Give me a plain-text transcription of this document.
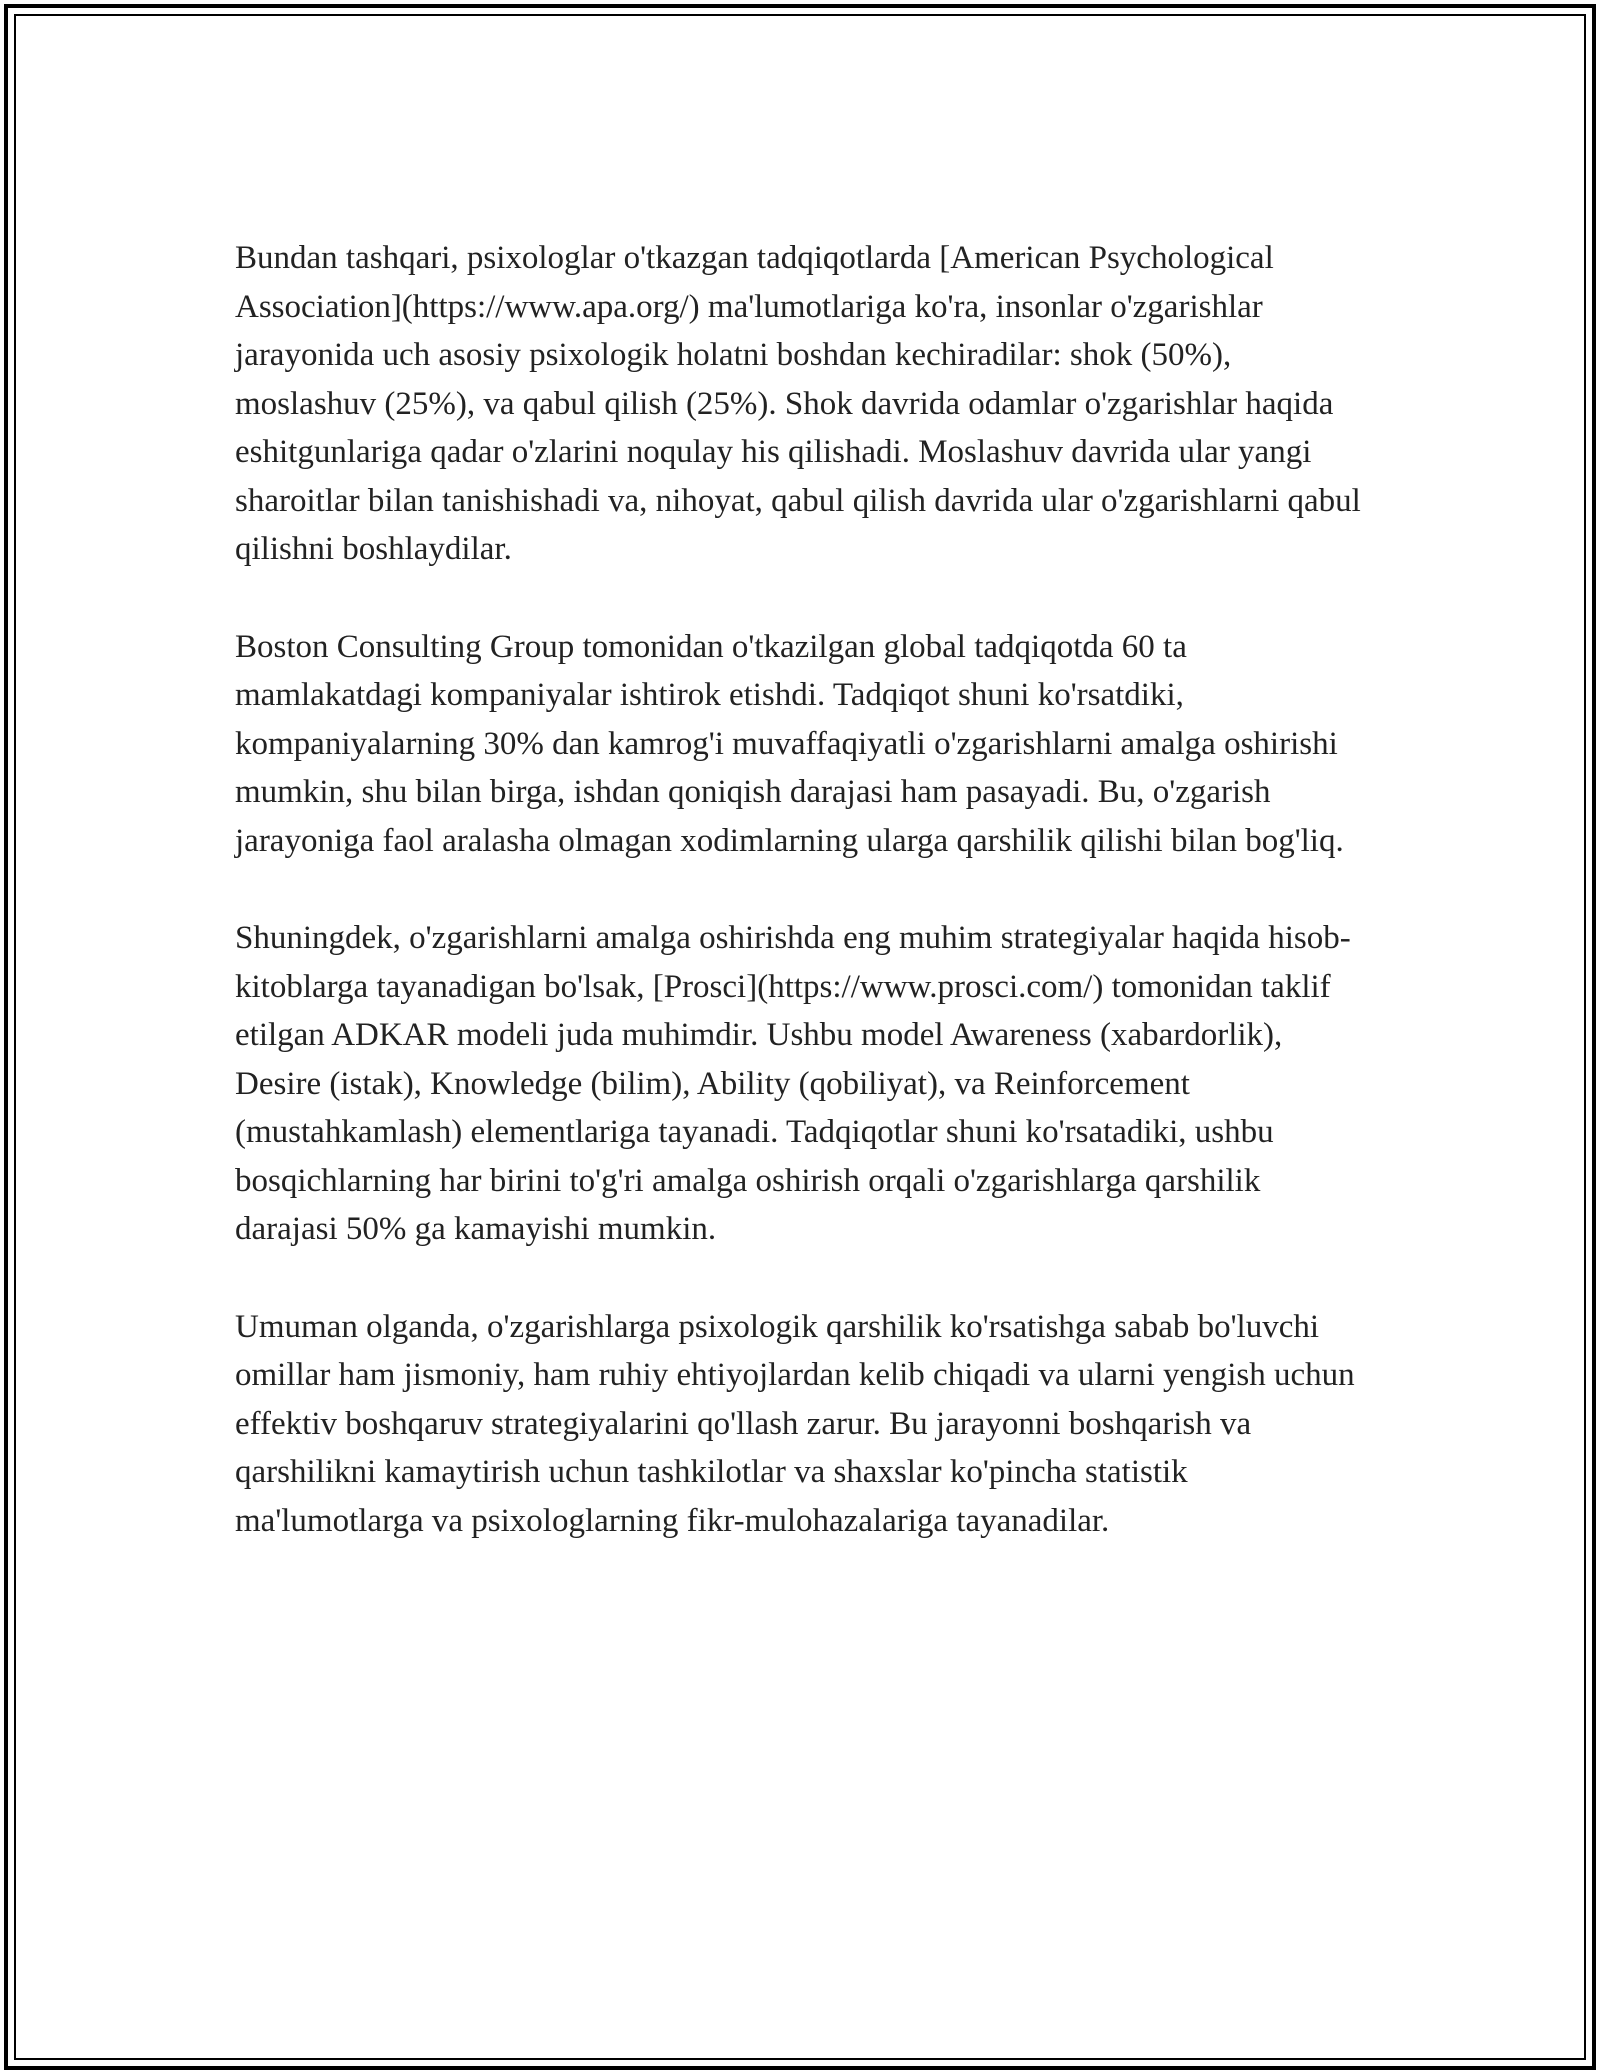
Bundan tashqari, psixologlar o'tkazgan tadqiqotlarda [American Psychological Association](https://www.apa.org/) ma'lumotlariga ko'ra, insonlar o'zgarishlar jarayonida uch asosiy psixologik holatni boshdan kechiradilar: shok (50%), moslashuv (25%), va qabul qilish (25%). Shok davrida odamlar o'zgarishlar haqida eshitgunlariga qadar o'zlarini noqulay his qilishadi. Moslashuv davrida ular yangi sharoitlar bilan tanishishadi va, nihoyat, qabul qilish davrida ular o'zgarishlarni qabul qilishni boshlaydilar.

Boston Consulting Group tomonidan o'tkazilgan global tadqiqotda 60 ta mamlakatdagi kompaniyalar ishtirok etishdi. Tadqiqot shuni ko'rsatdiki, kompaniyalarning 30% dan kamrog'i muvaffaqiyatli o'zgarishlarni amalga oshirishi mumkin, shu bilan birga, ishdan qoniqish darajasi ham pasayadi. Bu, o'zgarish jarayoniga faol aralasha olmagan xodimlarning ularga qarshilik qilishi bilan bog'liq.

Shuningdek, o'zgarishlarni amalga oshirishda eng muhim strategiyalar haqida hisob-kitoblarga tayanadigan bo'lsak, [Prosci](https://www.prosci.com/) tomonidan taklif etilgan ADKAR modeli juda muhimdir. Ushbu model Awareness (xabardorlik), Desire (istak), Knowledge (bilim), Ability (qobiliyat), va Reinforcement (mustahkamlash) elementlariga tayanadi. Tadqiqotlar shuni ko'rsatadiki, ushbu bosqichlarning har birini to'g'ri amalga oshirish orqali o'zgarishlarga qarshilik darajasi 50% ga kamayishi mumkin.

Umuman olganda, o'zgarishlarga psixologik qarshilik ko'rsatishga sabab bo'luvchi omillar ham jismoniy, ham ruhiy ehtiyojlardan kelib chiqadi va ularni yengish uchun effektiv boshqaruv strategiyalarini qo'llash zarur. Bu jarayonni boshqarish va qarshilikni kamaytirish uchun tashkilotlar va shaxslar ko'pincha statistik ma'lumotlarga va psixologlarning fikr-mulohazalariga tayanadilar.
